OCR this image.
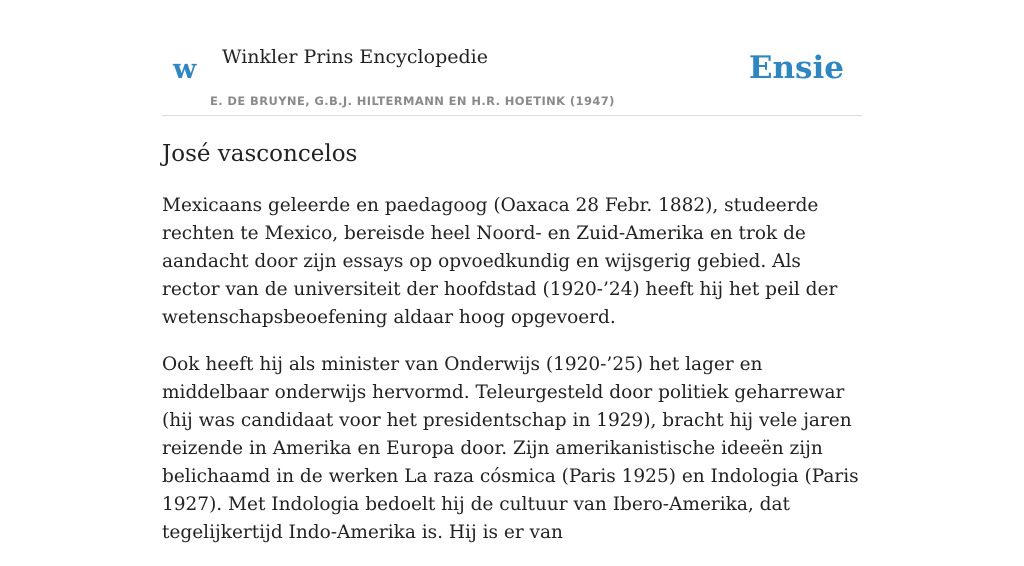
w Winkler Prins Encyclopedie
E. DE BRUYNE, G.B.J. HILTERMANN EN H.R. HOETINK (1947)
Ensie
José vasconcelos

Mexicaans geleerde en paedagoog (Oaxaca 28 Febr. 1882), studeerde rechten te Mexico, bereisde heel Noord- en Zuid-Amerika en trok de aandacht door zijn essays op opvoedkundig en wijsgerig gebied. Als rector van de universiteit der hoofdstad (1920-’24) heeft hij het peil der wetenschapsbeoefening aldaar hoog opgevoerd.

Ook heeft hij als minister van Onderwijs (1920-’25) het lager en middelbaar onderwijs hervormd. Teleurgesteld door politiek geharrewar (hij was candidaat voor het presidentschap in 1929), bracht hij vele jaren reizende in Amerika en Europa door. Zijn amerikanistische ideeën zijn belichaamd in de werken La raza cósmica (Paris 1925) en Indologia (Paris 1927). Met Indologia bedoelt hij de cultuur van Ibero-Amerika, dat tegelijkertijd Indo-Amerika is. Hij is er van
